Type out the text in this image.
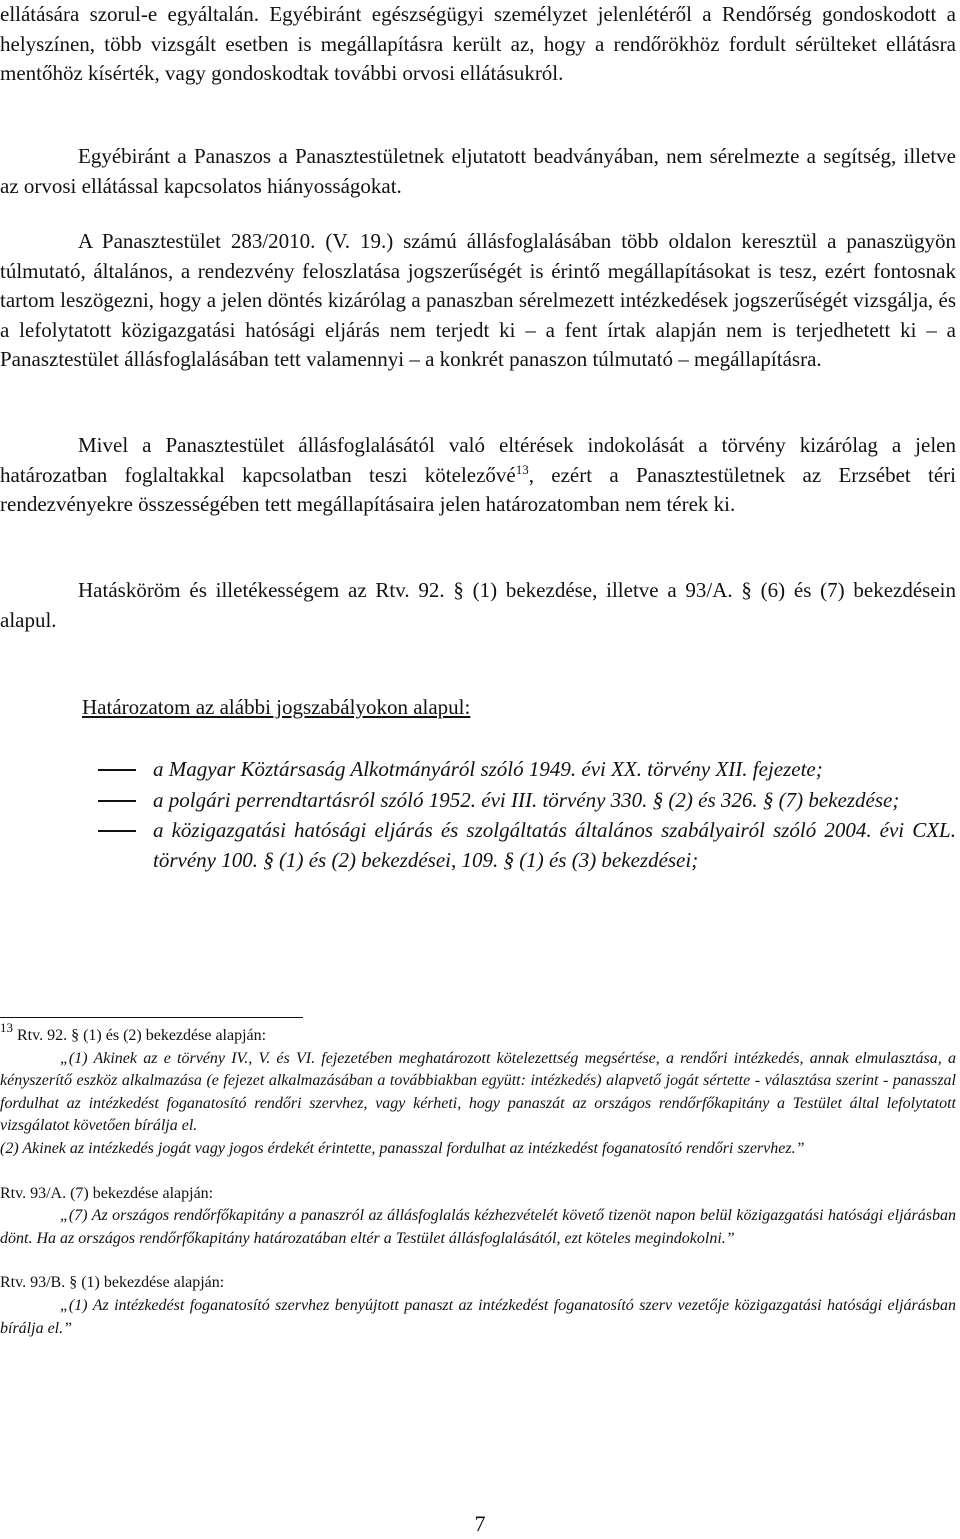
ellátására szorul-e egyáltalán. Egyébiránt egészségügyi személyzet jelenlétéről a Rendőrség gondoskodott a helyszínen, több vizsgált esetben is megállapításra került az, hogy a rendőrökhöz fordult sérülteket ellátásra mentőhöz kísérték, vagy gondoskodtak további orvosi ellátásukról.

Egyébiránt a Panaszos a Panasztestületnek eljutatott beadványában, nem sérelmezte a segítség, illetve az orvosi ellátással kapcsolatos hiányosságokat.

A Panasztestület 283/2010. (V. 19.) számú állásfoglalásában több oldalon keresztül a panaszügyön túlmutató, általános, a rendezvény feloszlatása jogszerűségét is érintő megállapításokat is tesz, ezért fontosnak tartom leszögezni, hogy a jelen döntés kizárólag a panaszban sérelmezett intézkedések jogszerűségét vizsgálja, és a lefolytatott közigazgatási hatósági eljárás nem terjedt ki – a fent írtak alapján nem is terjedhetett ki – a Panasztestület állásfoglalásában tett valamennyi – a konkrét panaszon túlmutató – megállapításra.

Mivel a Panasztestület állásfoglalásától való eltérések indokolását a törvény kizárólag a jelen határozatban foglaltakkal kapcsolatban teszi kötelezővé$^{13}$, ezért a Panasztestületnek az Erzsébet téri rendezvényekre összességében tett megállapításaira jelen határozatomban nem térek ki.

Hatásköröm és illetékességem az Rtv. 92. § (1) bekezdése, illetve a 93/A. § (6) és (7) bekezdésein alapul.

Határozatom az alábbi jogszabályokon alapul:
a Magyar Köztársaság Alkotmányáról szóló 1949. évi XX. törvény XII. fejezete;
a polgári perrendtartásról szóló 1952. évi III. törvény 330. § (2) és 326. § (7) bekezdése;
a közigazgatási hatósági eljárás és szolgáltatás általános szabályairól szóló 2004. évi CXL. törvény 100. § (1) és (2) bekezdései, 109. § (1) és (3) bekezdései;

$^{13}$ Rtv. 92. § (1) és (2) bekezdése alapján:

„(1) Akinek az e törvény IV., V. és VI. fejezetében meghatározott kötelezettség megsértése, a rendőri intézkedés, annak elmulasztása, a kényszerítő eszköz alkalmazása (e fejezet alkalmazásában a továbbiakban együtt: intézkedés) alapvető jogát sértette - választása szerint - panasszal fordulhat az intézkedést foganatosító rendőri szervhez, vagy kérheti, hogy panaszát az országos rendőrfőkapitány a Testület által lefolytatott vizsgálatot követően bírálja el.

(2) Akinek az intézkedés jogát vagy jogos érdekét érintette, panasszal fordulhat az intézkedést foganatosító rendőri szervhez.”

Rtv. 93/A. (7) bekezdése alapján:

„(7) Az országos rendőrfőkapitány a panaszról az állásfoglalás kézhezvételét követő tizenöt napon belül közigazgatási hatósági eljárásban dönt. Ha az országos rendőrfőkapitány határozatában eltér a Testület állásfoglalásától, ezt köteles megindokolni.”

Rtv. 93/B. § (1) bekezdése alapján:

„(1) Az intézkedést foganatosító szervhez benyújtott panaszt az intézkedést foganatosító szerv vezetője közigazgatási hatósági eljárásban bírálja el.”

7
